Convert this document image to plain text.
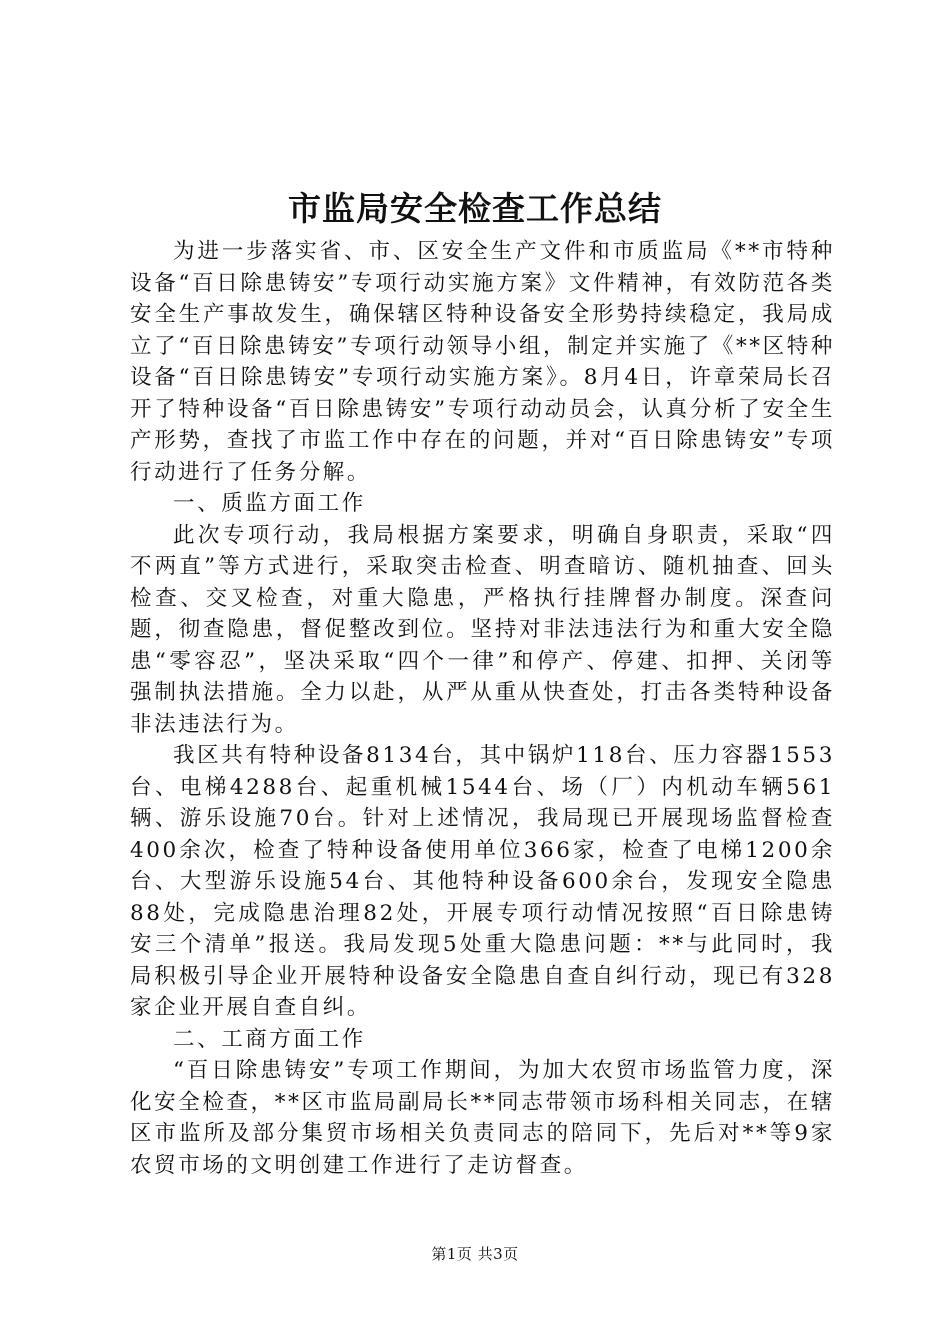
市监局安全检查工作总结

为进一步落实省、市、区安全生产文件和市质监局《**市特种设备“百日除患铸安”专项行动实施方案》文件精神，有效防范各类安全生产事故发生，确保辖区特种设备安全形势持续稳定，我局成立了“百日除患铸安”专项行动领导小组，制定并实施了《**区特种设备“百日除患铸安”专项行动实施方案》。8月4日，许章荣局长召开了特种设备“百日除患铸安”专项行动动员会，认真分析了安全生产形势，查找了市监工作中存在的问题，并对“百日除患铸安”专项行动进行了任务分解。

一、质监方面工作

此次专项行动，我局根据方案要求，明确自身职责，采取“四不两直”等方式进行，采取突击检查、明查暗访、随机抽查、回头检查、交叉检查，对重大隐患，严格执行挂牌督办制度。深查问题，彻查隐患，督促整改到位。坚持对非法违法行为和重大安全隐患“零容忍”，坚决采取“四个一律”和停产、停建、扣押、关闭等强制执法措施。全力以赴，从严从重从快查处，打击各类特种设备非法违法行为。

我区共有特种设备8134台，其中锅炉118台、压力容器1553台、电梯4288台、起重机械1544台、场（厂）内机动车辆561辆、游乐设施70台。针对上述情况，我局现已开展现场监督检查400余次，检查了特种设备使用单位366家，检查了电梯1200余台、大型游乐设施54台、其他特种设备600余台，发现安全隐患88处，完成隐患治理82处，开展专项行动情况按照“百日除患铸安三个清单”报送。我局发现5处重大隐患问题：**与此同时，我局积极引导企业开展特种设备安全隐患自查自纠行动，现已有328家企业开展自查自纠。

二、工商方面工作

“百日除患铸安”专项工作期间，为加大农贸市场监管力度，深化安全检查，**区市监局副局长**同志带领市场科相关同志，在辖区市监所及部分集贸市场相关负责同志的陪同下，先后对**等9家农贸市场的文明创建工作进行了走访督查。

第1页 共3页
